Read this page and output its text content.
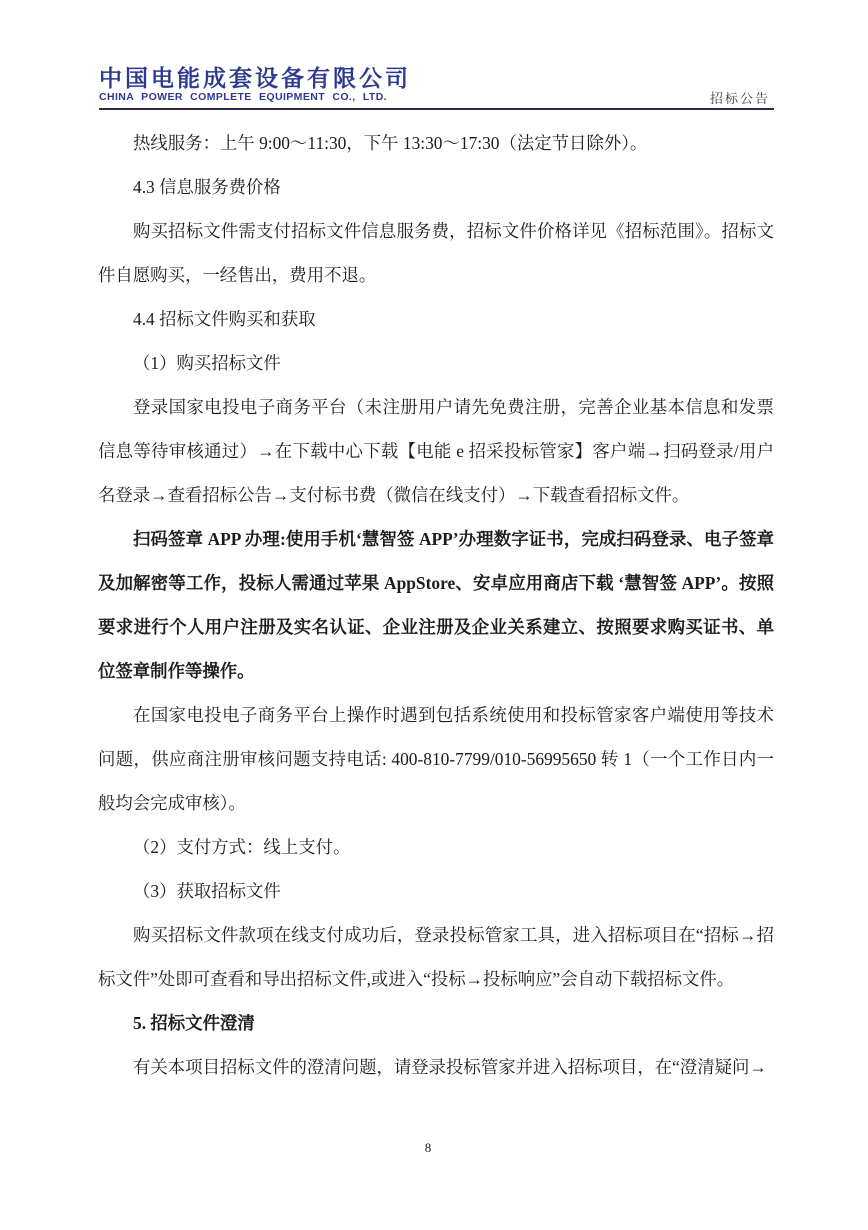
中国电能成套设备有限公司
CHINA POWER COMPLETE EQUIPMENT CO., LTD.	招标公告

热线服务：上午 9:00～11:30，下午 13:30～17:30（法定节日除外）。

4.3 信息服务费价格

购买招标文件需支付招标文件信息服务费，招标文件价格详见《招标范围》。招标文件自愿购买，一经售出，费用不退。

4.4 招标文件购买和获取

（1）购买招标文件

登录国家电投电子商务平台（未注册用户请先免费注册，完善企业基本信息和发票信息等待审核通过）→在下载中心下载【电能 e 招采投标管家】客户端→扫码登录/用户名登录→查看招标公告→支付标书费（微信在线支付）→下载查看招标文件。

扫码签章 APP 办理:使用手机‘慧智签 APP’办理数字证书，完成扫码登录、电子签章及加解密等工作，投标人需通过苹果 AppStore、安卓应用商店下载 ‘慧智签 APP’。按照要求进行个人用户注册及实名认证、企业注册及企业关系建立、按照要求购买证书、单位签章制作等操作。

在国家电投电子商务平台上操作时遇到包括系统使用和投标管家客户端使用等技术问题，供应商注册审核问题支持电话: 400-810-7799/010-56995650 转 1（一个工作日内一般均会完成审核）。

（2）支付方式：线上支付。

（3）获取招标文件

购买招标文件款项在线支付成功后，登录投标管家工具，进入招标项目在“招标→招标文件”处即可查看和导出招标文件,或进入“投标→投标响应”会自动下载招标文件。

5. 招标文件澄清

有关本项目招标文件的澄清问题，请登录投标管家并进入招标项目，在“澄清疑问→

8
